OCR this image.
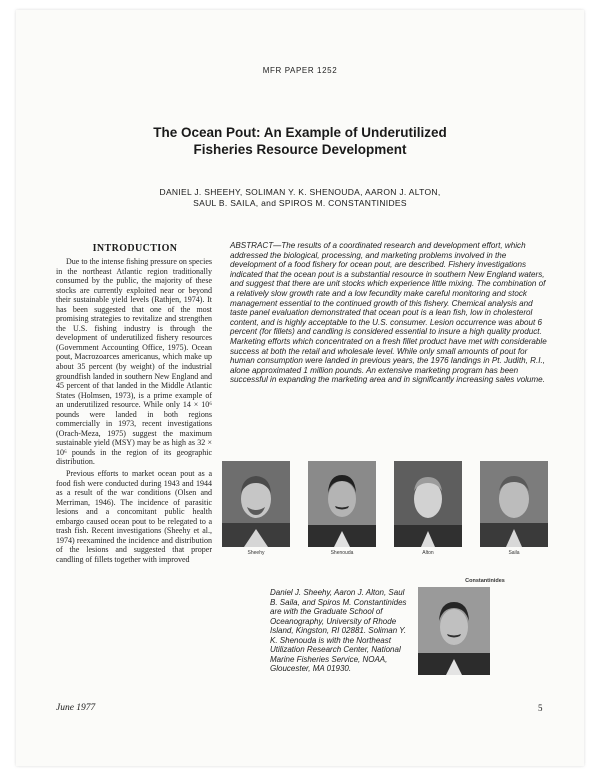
MFR PAPER 1252
The Ocean Pout: An Example of Underutilized
Fisheries Resource Development
DANIEL J. SHEEHY, SOLIMAN Y. K. SHENOUDA, AARON J. ALTON,
SAUL B. SAILA, and SPIROS M. CONSTANTINIDES
INTRODUCTION

Due to the intense fishing pressure on species in the northeast Atlantic region traditionally consumed by the public, the majority of these stocks are currently exploited near or beyond their sustainable yield levels (Rathjen, 1974). It has been suggested that one of the most promising strategies to revitalize and strengthen the U.S. fishing industry is through the development of underutilized fishery resources (Government Accounting Office, 1975). Ocean pout, Macrozoarces americanus, which make up about 35 percent (by weight) of the industrial groundfish landed in southern New England and 45 percent of that landed in the Middle Atlantic States (Holmsen, 1973), is a prime example of an underutilized resource. While only 14 × 10⁶ pounds were landed in both regions commercially in 1973, recent investigations (Orach-Meza, 1975) suggest the maximum sustainable yield (MSY) may be as high as 32 × 10⁶ pounds in the region of its geographic distribution.

Previous efforts to market ocean pout as a food fish were conducted during 1943 and 1944 as a result of the war conditions (Olsen and Merriman, 1946). The incidence of parasitic lesions and a concomitant public health embargo caused ocean pout to be relegated to a trash fish. Recent investigations (Sheehy et al., 1974) reexamined the incidence and distribution of the lesions and suggested that proper candling of fillets together with improved

ABSTRACT—The results of a coordinated research and development effort, which addressed the biological, processing, and marketing problems involved in the development of a food fishery for ocean pout, are described. Fishery investigations indicated that the ocean pout is a substantial resource in southern New England waters, and suggest that there are unit stocks which experience little mixing. The combination of a relatively slow growth rate and a low fecundity make careful monitoring and stock management essential to the continued growth of this fishery. Chemical analysis and taste panel evaluation demonstrated that ocean pout is a lean fish, low in cholesterol content, and is highly acceptable to the U.S. consumer. Lesion occurrence was about 6 percent (for fillets) and candling is considered essential to insure a high quality product. Marketing efforts which concentrated on a fresh fillet product have met with considerable success at both the retail and wholesale level. While only small amounts of pout for human consumption were landed in previous years, the 1976 landings in Pt. Judith, R.I., alone approximated 1 million pounds. An extensive marketing program has been successful in expanding the marketing area and in significantly increasing sales volume.
Sheehy	Shenouda	Alton	Saila
Constantinides
Daniel J. Sheehy, Aaron J. Alton, Saul B. Saila, and Spiros M. Constantinides are with the Graduate School of Oceanography, University of Rhode Island, Kingston, RI 02881. Soliman Y. K. Shenouda is with the Northeast Utilization Research Center, National Marine Fisheries Service, NOAA, Gloucester, MA 01930.
June 1977	5
